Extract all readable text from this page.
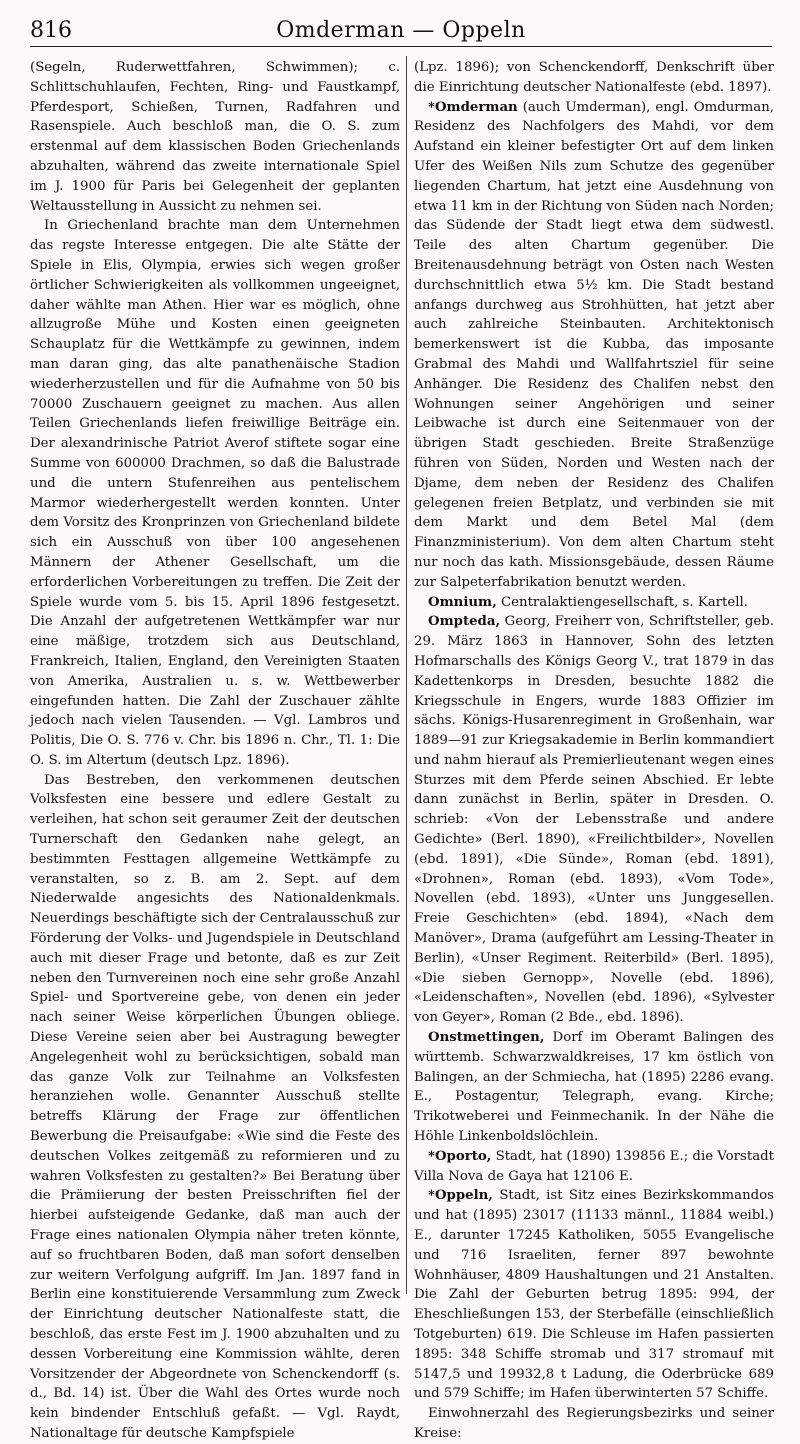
816	Omderman — Oppeln

(Segeln, Ruderwettfahren, Schwimmen); c. Schlittschuhlaufen, Fechten, Ring- und Faustkampf, Pferdesport, Schießen, Turnen, Radfahren und Rasenspiele. Auch beschloß man, die O. S. zum erstenmal auf dem klassischen Boden Griechenlands abzuhalten, während das zweite internationale Spiel im J. 1900 für Paris bei Gelegenheit der geplanten Weltausstellung in Aussicht zu nehmen sei.

In Griechenland brachte man dem Unternehmen das regste Interesse entgegen. Die alte Stätte der Spiele in Elis, Olympia, erwies sich wegen großer örtlicher Schwierigkeiten als vollkommen ungeeignet, daher wählte man Athen. Hier war es möglich, ohne allzugroße Mühe und Kosten einen geeigneten Schauplatz für die Wettkämpfe zu gewinnen, indem man daran ging, das alte panathenäische Stadion wiederherzustellen und für die Aufnahme von 50 bis 70000 Zuschauern geeignet zu machen. Aus allen Teilen Griechenlands liefen freiwillige Beiträge ein. Der alexandrinische Patriot Averof stiftete sogar eine Summe von 600000 Drachmen, so daß die Balustrade und die untern Stufenreihen aus pentelischem Marmor wiederhergestellt werden konnten. Unter dem Vorsitz des Kronprinzen von Griechenland bildete sich ein Ausschuß von über 100 angesehenen Männern der Athener Gesellschaft, um die erforderlichen Vorbereitungen zu treffen. Die Zeit der Spiele wurde vom 5. bis 15. April 1896 festgesetzt. Die Anzahl der aufgetretenen Wettkämpfer war nur eine mäßige, trotzdem sich aus Deutschland, Frankreich, Italien, England, den Vereinigten Staaten von Amerika, Australien u. s. w. Wettbewerber eingefunden hatten. Die Zahl der Zuschauer zählte jedoch nach vielen Tausenden. — Vgl. Lambros und Politis, Die O. S. 776 v. Chr. bis 1896 n. Chr., Tl. 1: Die O. S. im Altertum (deutsch Lpz. 1896).

Das Bestreben, den verkommenen deutschen Volksfesten eine bessere und edlere Gestalt zu verleihen, hat schon seit geraumer Zeit der deutschen Turnerschaft den Gedanken nahe gelegt, an bestimmten Festtagen allgemeine Wettkämpfe zu veranstalten, so z. B. am 2. Sept. auf dem Niederwalde angesichts des Nationaldenkmals. Neuerdings beschäftigte sich der Centralausschuß zur Förderung der Volks- und Jugendspiele in Deutschland auch mit dieser Frage und betonte, daß es zur Zeit neben den Turnvereinen noch eine sehr große Anzahl Spiel- und Sportvereine gebe, von denen ein jeder nach seiner Weise körperlichen Übungen obliege. Diese Vereine seien aber bei Austragung bewegter Angelegenheit wohl zu berücksichtigen, sobald man das ganze Volk zur Teilnahme an Volksfesten heranziehen wolle. Genannter Ausschuß stellte betreffs Klärung der Frage zur öffentlichen Bewerbung die Preisaufgabe: «Wie sind die Feste des deutschen Volkes zeitgemäß zu reformieren und zu wahren Volksfesten zu gestalten?» Bei Beratung über die Prämiierung der besten Preisschriften fiel der hierbei aufsteigende Gedanke, daß man auch der Frage eines nationalen Olympia näher treten könnte, auf so fruchtbaren Boden, daß man sofort denselben zur weitern Verfolgung aufgriff. Im Jan. 1897 fand in Berlin eine konstituierende Versammlung zum Zweck der Einrichtung deutscher Nationalfeste statt, die beschloß, das erste Fest im J. 1900 abzuhalten und zu dessen Vorbereitung eine Kommission wählte, deren Vorsitzender der Abgeordnete von Schenckendorff (s. d., Bd. 14) ist. Über die Wahl des Ortes wurde noch kein bindender Entschluß gefaßt. — Vgl. Raydt, Nationaltage für deutsche Kampfspiele

(Lpz. 1896); von Schenckendorff, Denkschrift über die Einrichtung deutscher Nationalfeste (ebd. 1897).

*Omderman (auch Umderman), engl. Omdurman, Residenz des Nachfolgers des Mahdi, vor dem Aufstand ein kleiner befestigter Ort auf dem linken Ufer des Weißen Nils zum Schutze des gegenüber liegenden Chartum, hat jetzt eine Ausdehnung von etwa 11 km in der Richtung von Süden nach Norden; das Südende der Stadt liegt etwa dem südwestl. Teile des alten Chartum gegenüber. Die Breitenausdehnung beträgt von Osten nach Westen durchschnittlich etwa 5½ km. Die Stadt bestand anfangs durchweg aus Strohhütten, hat jetzt aber auch zahlreiche Steinbauten. Architektonisch bemerkenswert ist die Kubba, das imposante Grabmal des Mahdi und Wallfahrtsziel für seine Anhänger. Die Residenz des Chalifen nebst den Wohnungen seiner Angehörigen und seiner Leibwache ist durch eine Seitenmauer von der übrigen Stadt geschieden. Breite Straßenzüge führen von Süden, Norden und Westen nach der Djame, dem neben der Residenz des Chalifen gelegenen freien Betplatz, und verbinden sie mit dem Markt und dem Betel Mal (dem Finanzministerium). Von dem alten Chartum steht nur noch das kath. Missionsgebäude, dessen Räume zur Salpeterfabrikation benutzt werden.

Omnium, Centralaktiengesellschaft, s. Kartell.

Ompteda, Georg, Freiherr von, Schriftsteller, geb. 29. März 1863 in Hannover, Sohn des letzten Hofmarschalls des Königs Georg V., trat 1879 in das Kadettenkorps in Dresden, besuchte 1882 die Kriegsschule in Engers, wurde 1883 Offizier im sächs. Königs-Husarenregiment in Großenhain, war 1889—91 zur Kriegsakademie in Berlin kommandiert und nahm hierauf als Premierlieutenant wegen eines Sturzes mit dem Pferde seinen Abschied. Er lebte dann zunächst in Berlin, später in Dresden. O. schrieb: «Von der Lebensstraße und andere Gedichte» (Berl. 1890), «Freilichtbilder», Novellen (ebd. 1891), «Die Sünde», Roman (ebd. 1891), «Drohnen», Roman (ebd. 1893), «Vom Tode», Novellen (ebd. 1893), «Unter uns Junggesellen. Freie Geschichten» (ebd. 1894), «Nach dem Manöver», Drama (aufgeführt am Lessing-Theater in Berlin), «Unser Regiment. Reiterbild» (Berl. 1895), «Die sieben Gernopp», Novelle (ebd. 1896), «Leidenschaften», Novellen (ebd. 1896), «Sylvester von Geyer», Roman (2 Bde., ebd. 1896).

Onstmettingen, Dorf im Oberamt Balingen des württemb. Schwarzwaldkreises, 17 km östlich von Balingen, an der Schmiecha, hat (1895) 2286 evang. E., Postagentur, Telegraph, evang. Kirche; Trikotweberei und Feinmechanik. In der Nähe die Höhle Linkenboldslöchlein.

*Oporto, Stadt, hat (1890) 139856 E.; die Vorstadt Villa Nova de Gaya hat 12106 E.

*Oppeln, Stadt, ist Sitz eines Bezirkskommandos und hat (1895) 23017 (11133 männl., 11884 weibl.) E., darunter 17245 Katholiken, 5055 Evangelische und 716 Israeliten, ferner 897 bewohnte Wohnhäuser, 4809 Haushaltungen und 21 Anstalten. Die Zahl der Geburten betrug 1895: 994, der Eheschließungen 153, der Sterbefälle (einschließlich Totgeburten) 619. Die Schleuse im Hafen passierten 1895: 348 Schiffe stromab und 317 stromauf mit 5147,5 und 19932,8 t Ladung, die Oderbrücke 689 und 579 Schiffe; im Hafen überwinterten 57 Schiffe.

Einwohnerzahl des Regierungsbezirks und seiner Kreise:
